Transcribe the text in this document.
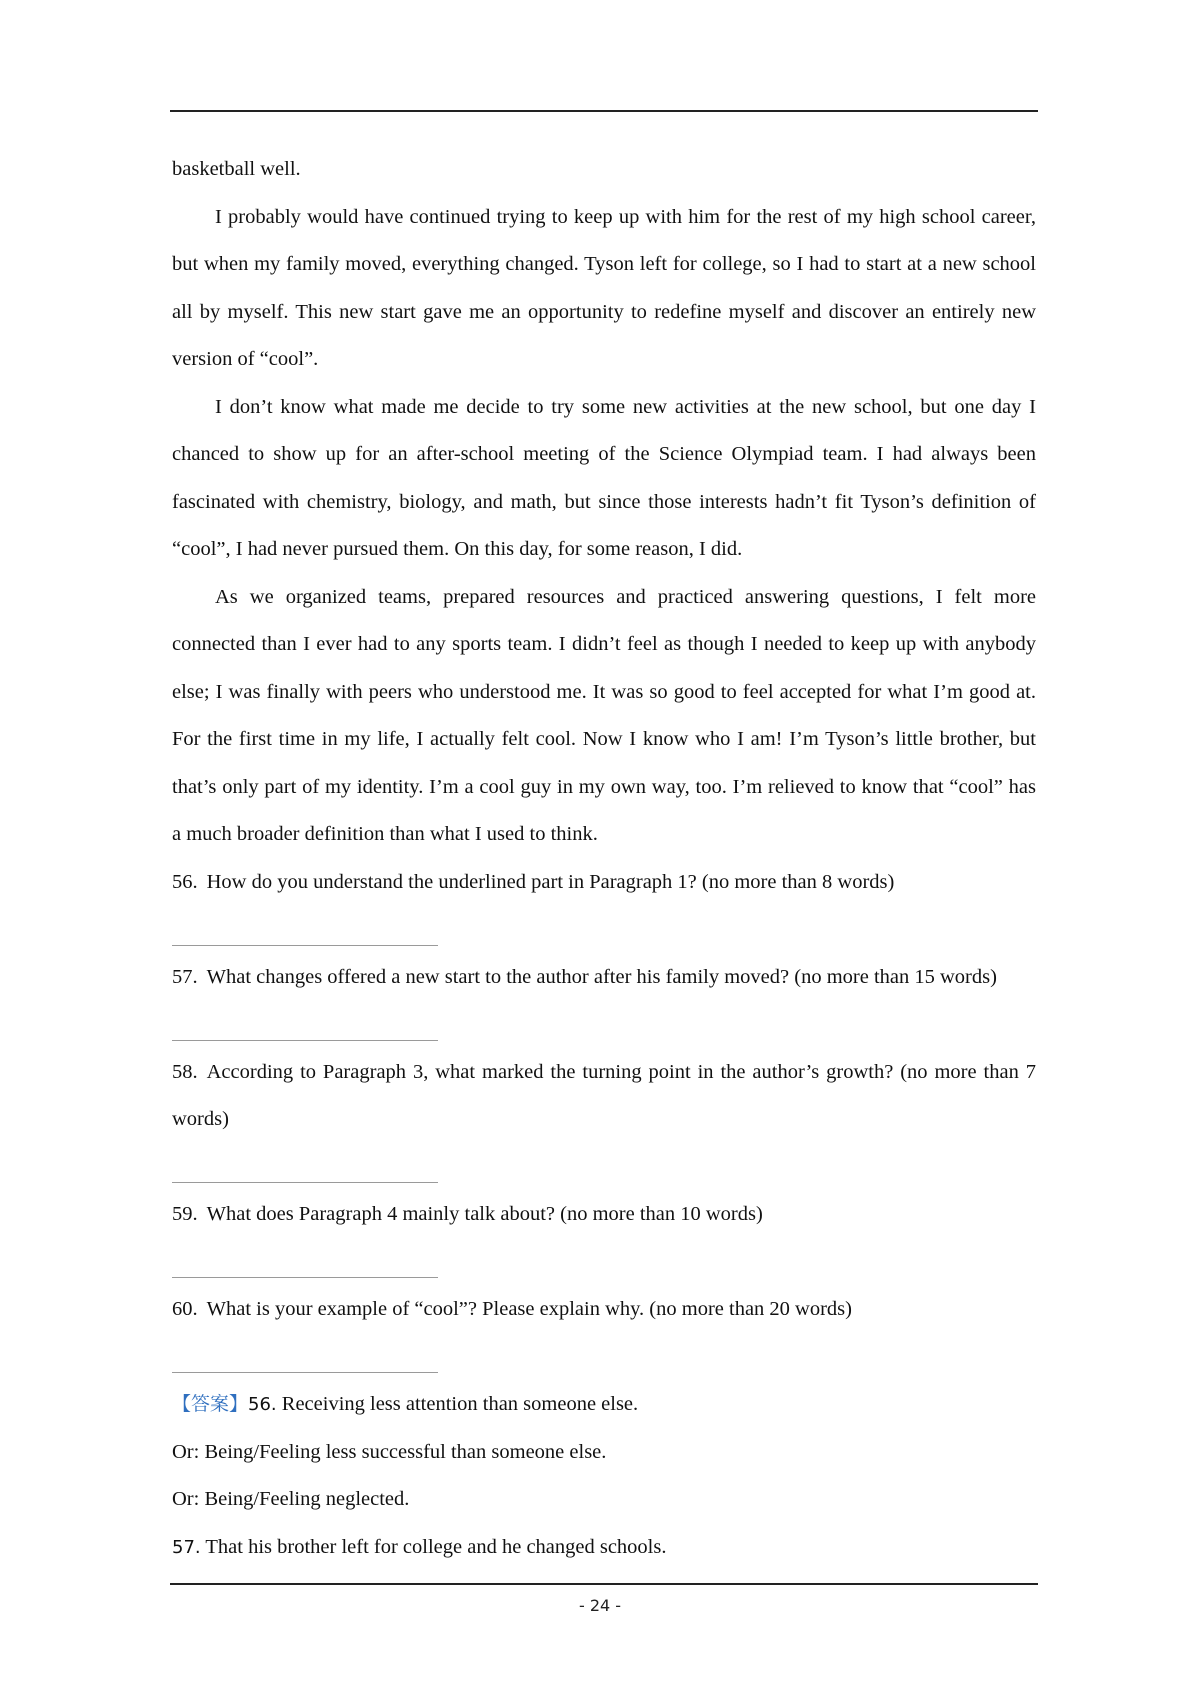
basketball well.

I probably would have continued trying to keep up with him for the rest of my high school career, but when my family moved, everything changed. Tyson left for college, so I had to start at a new school all by myself. This new start gave me an opportunity to redefine myself and discover an entirely new version of “cool”.

I don’t know what made me decide to try some new activities at the new school, but one day I chanced to show up for an after-school meeting of the Science Olympiad team. I had always been fascinated with chemistry, biology, and math, but since those interests hadn’t fit Tyson’s definition of “cool”, I had never pursued them. On this day, for some reason, I did.

As we organized teams, prepared resources and practiced answering questions, I felt more connected than I ever had to any sports team. I didn’t feel as though I needed to keep up with anybody else; I was finally with peers who understood me. It was so good to feel accepted for what I’m good at. For the first time in my life, I actually felt cool. Now I know who I am! I’m Tyson’s little brother, but that’s only part of my identity. I’m a cool guy in my own way, too. I’m relieved to know that “cool” has a much broader definition than what I used to think.

56. How do you understand the underlined part in Paragraph 1? (no more than 8 words)
57. What changes offered a new start to the author after his family moved? (no more than 15 words)
58. According to Paragraph 3, what marked the turning point in the author’s growth? (no more than 7 words)
59. What does Paragraph 4 mainly talk about? (no more than 10 words)
60. What is your example of “cool”? Please explain why. (no more than 20 words)
【答案】56. Receiving less attention than someone else.
Or: Being/Feeling less successful than someone else.
Or: Being/Feeling neglected.
57. That his brother left for college and he changed schools.
- 24 -
